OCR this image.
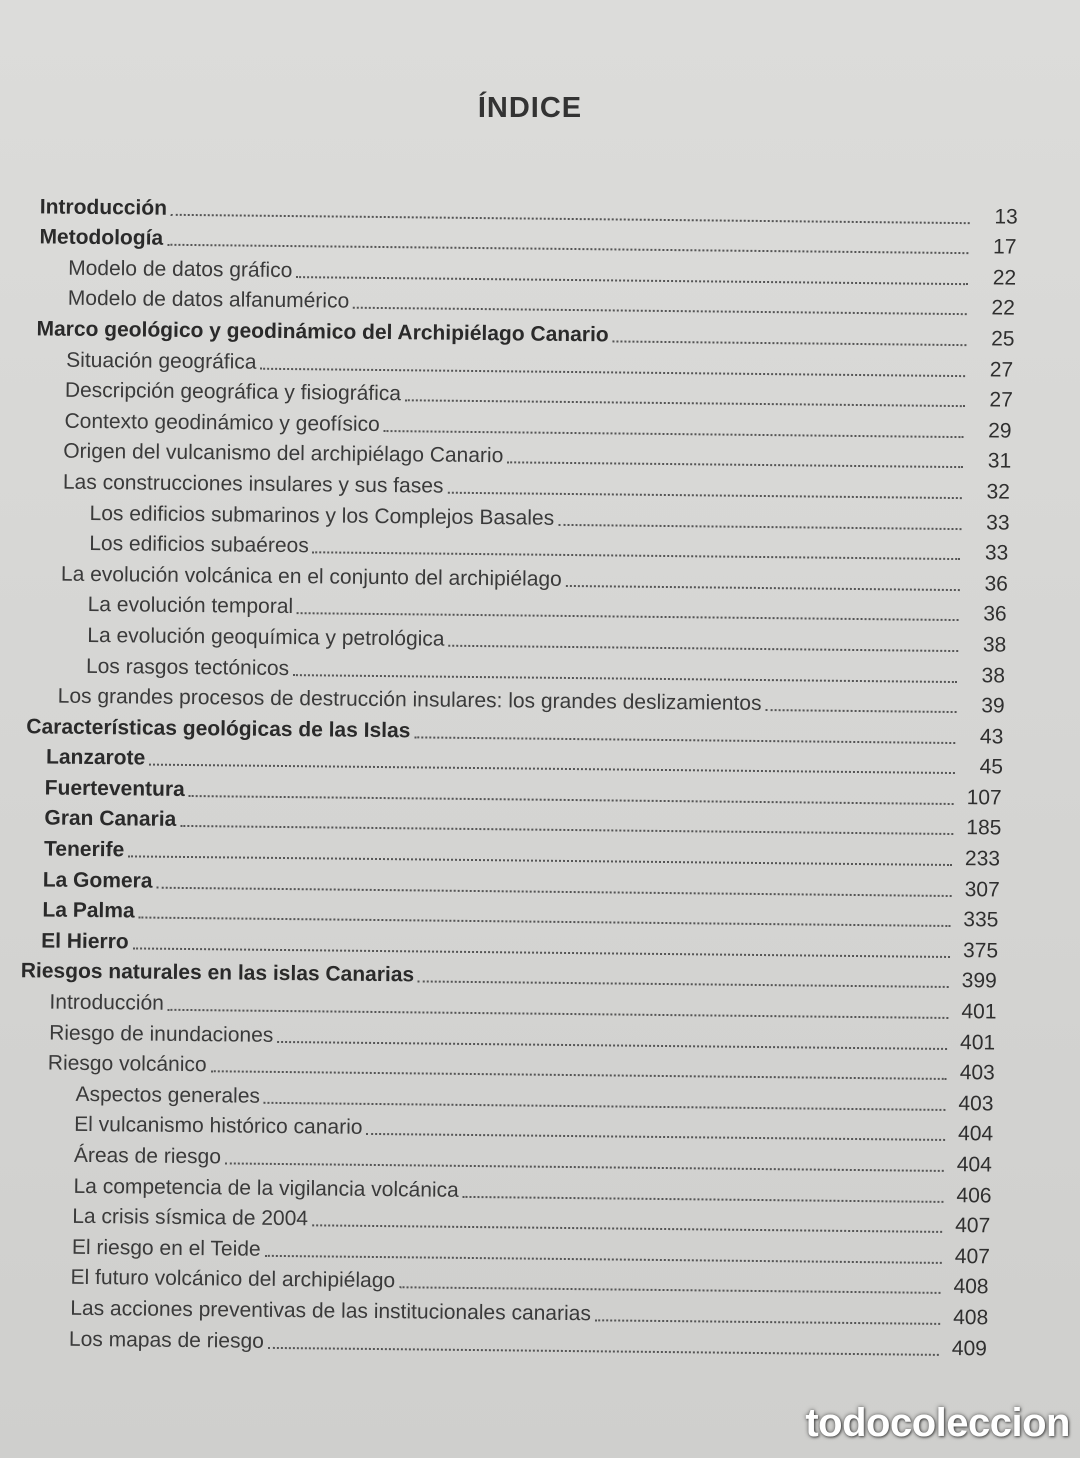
ÍNDICE
Introducción	13
Metodología	17
Modelo de datos gráfico	22
Modelo de datos alfanumérico	22
Marco geológico y geodinámico del Archipiélago Canario	25
Situación geográfica	27
Descripción geográfica y fisiográfica	27
Contexto geodinámico y geofísico	29
Origen del vulcanismo del archipiélago Canario	31
Las construcciones insulares y sus fases	32
Los edificios submarinos y los Complejos Basales	33
Los edificios subaéreos	33
La evolución volcánica en el conjunto del archipiélago	36
La evolución temporal	36
La evolución geoquímica y petrológica	38
Los rasgos tectónicos	38
Los grandes procesos de destrucción insulares: los grandes deslizamientos	39
Características geológicas de las Islas	43
Lanzarote	45
Fuerteventura	107
Gran Canaria	185
Tenerife	233
La Gomera	307
La Palma	335
El Hierro	375
Riesgos naturales en las islas Canarias	399
Introducción	401
Riesgo de inundaciones	401
Riesgo volcánico	403
Aspectos generales	403
El vulcanismo histórico canario	404
Áreas de riesgo	404
La competencia de la vigilancia volcánica	406
La crisis sísmica de 2004	407
El riesgo en el Teide	407
El futuro volcánico del archipiélago	408
Las acciones preventivas de las institucionales canarias	408
Los mapas de riesgo	409
todocoleccion
